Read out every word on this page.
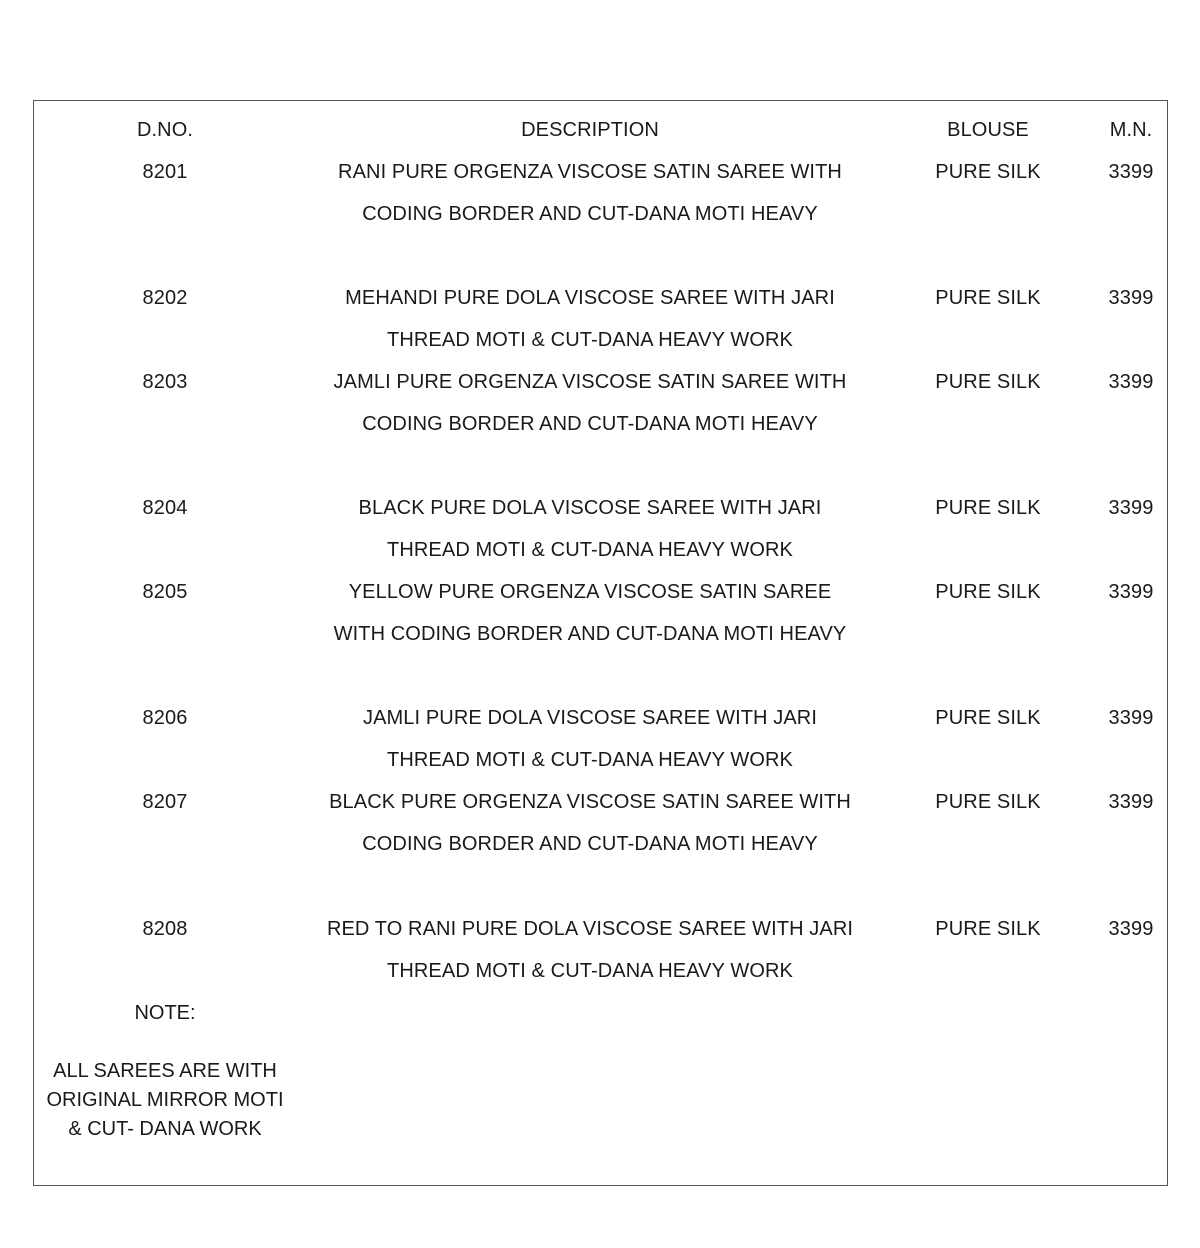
D.NO.	DESCRIPTION	BLOUSE	M.N.
8201	RANI PURE ORGENZA VISCOSE SATIN SAREE WITH
CODING BORDER AND CUT-DANA MOTI HEAVY
PURE SILK	3399
8202	MEHANDI PURE DOLA VISCOSE SAREE WITH JARI
THREAD MOTI & CUT-DANA HEAVY WORK
PURE SILK	3399
8203	JAMLI PURE ORGENZA VISCOSE SATIN SAREE WITH
CODING BORDER AND CUT-DANA MOTI HEAVY
PURE SILK	3399
8204	BLACK PURE DOLA VISCOSE SAREE WITH JARI
THREAD MOTI & CUT-DANA HEAVY WORK
PURE SILK	3399
8205	YELLOW PURE ORGENZA VISCOSE SATIN SAREE
WITH CODING BORDER AND CUT-DANA MOTI HEAVY
PURE SILK	3399
8206	JAMLI PURE DOLA VISCOSE SAREE WITH JARI
THREAD MOTI & CUT-DANA HEAVY WORK
PURE SILK	3399
8207	BLACK PURE ORGENZA VISCOSE SATIN SAREE WITH
CODING BORDER AND CUT-DANA MOTI HEAVY
PURE SILK	3399
8208	RED TO RANI PURE DOLA VISCOSE SAREE WITH JARI
THREAD MOTI & CUT-DANA HEAVY WORK
PURE SILK	3399
NOTE:
ALL SAREES ARE WITH
ORIGINAL MIRROR MOTI
& CUT- DANA WORK
